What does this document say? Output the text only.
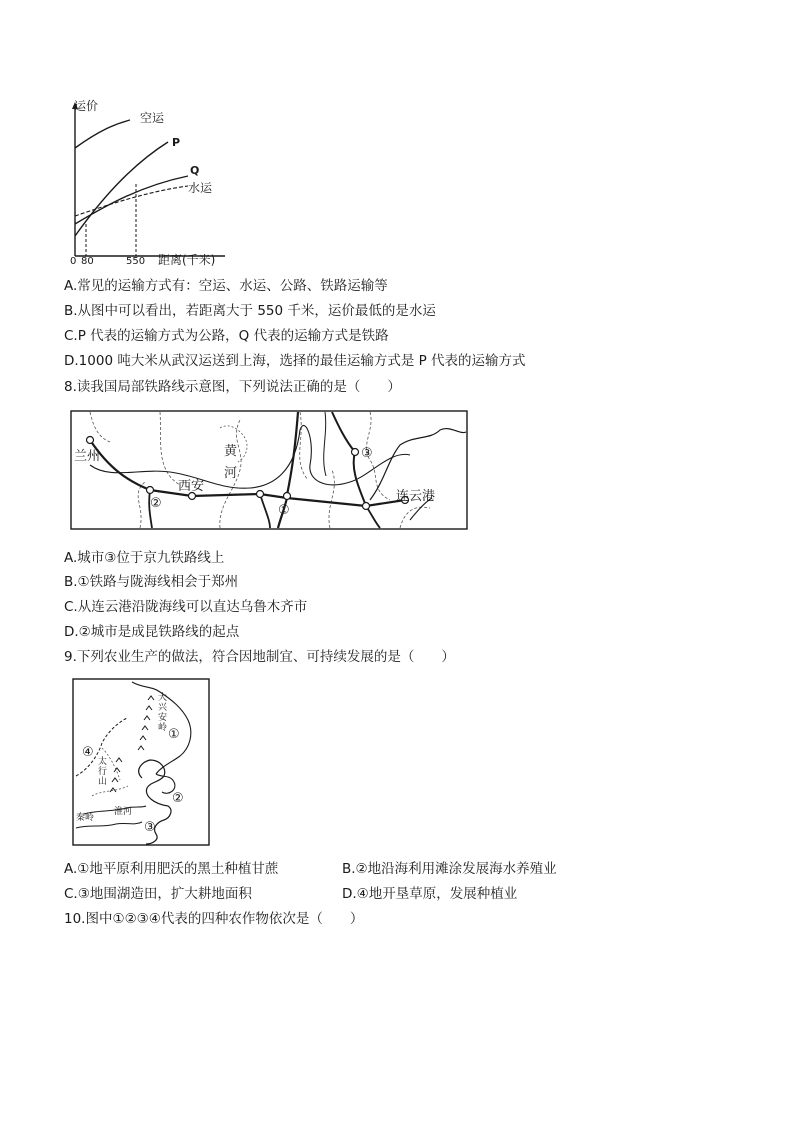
运价
空运
P
Q
水运
0 80	550 距离(千米)
A.常见的运输方式有：空运、水运、公路、铁路运输等
B.从图中可以看出，若距离大于 550 千米，运价最低的是水运
C.P 代表的运输方式为公路，Q 代表的运输方式是铁路
D.1000 吨大米从武汉运送到上海，选择的最佳运输方式是 P 代表的运输方式
8.读我国局部铁路线示意图，下列说法正确的是（　　）
兰州
西安
黄
河
连云港
①
②
③
A.城市③位于京九铁路线上
B.①铁路与陇海线相会于郑州
C.从连云港沿陇海线可以直达乌鲁木齐市
D.②城市是成昆铁路线的起点
9.下列农业生产的做法，符合因地制宜、可持续发展的是（　　）
大
兴
安
岭
太
行
山
淮河
秦岭
①
②
③
④
A.①地平原利用肥沃的黑土种植甘蔗	B.②地沿海利用滩涂发展海水养殖业
C.③地围湖造田，扩大耕地面积	D.④地开垦草原，发展种植业
10.图中①②③④代表的四种农作物依次是（　　）
